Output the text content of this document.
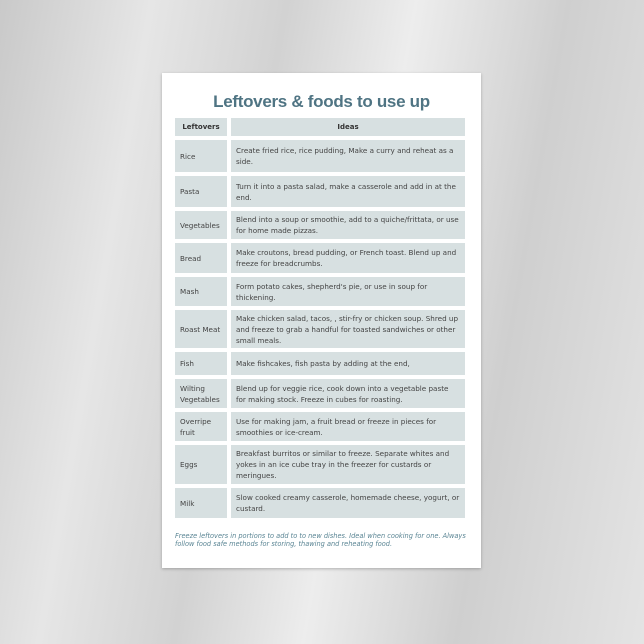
Leftovers & foods to use up
Leftovers	Ideas
Rice
Create fried rice, rice pudding, Make a curry and reheat as a side.
Pasta
Turn it into a pasta salad, make a casserole and add in at the end.
Vegetables
Blend into a soup or smoothie, add to a quiche/frittata, or use for home made pizzas.
Bread
Make croutons, bread pudding, or French toast. Blend up and freeze for breadcrumbs.
Mash
Form potato cakes, shepherd's pie, or use in soup for thickening.
Roast Meat
Make chicken salad, tacos, , stir-fry or chicken soup. Shred up and freeze to grab a handful for toasted sandwiches or other small meals.
Fish	Make fishcakes, fish pasta by adding at the end,
Wilting Vegetables
Blend up for veggie rice, cook down into a vegetable paste for making stock. Freeze in cubes for roasting.
Overripe fruit
Use for making jam, a fruit bread or freeze in pieces for smoothies or ice-cream.
Eggs
Breakfast burritos or similar to freeze. Separate whites and yokes in an ice cube tray in the freezer for custards or meringues.
Milk
Slow cooked creamy casserole, homemade cheese, yogurt, or custard.
Freeze leftovers in portions to add to to new dishes. Ideal when cooking for one. Always follow food safe methods for storing, thawing and reheating food.
